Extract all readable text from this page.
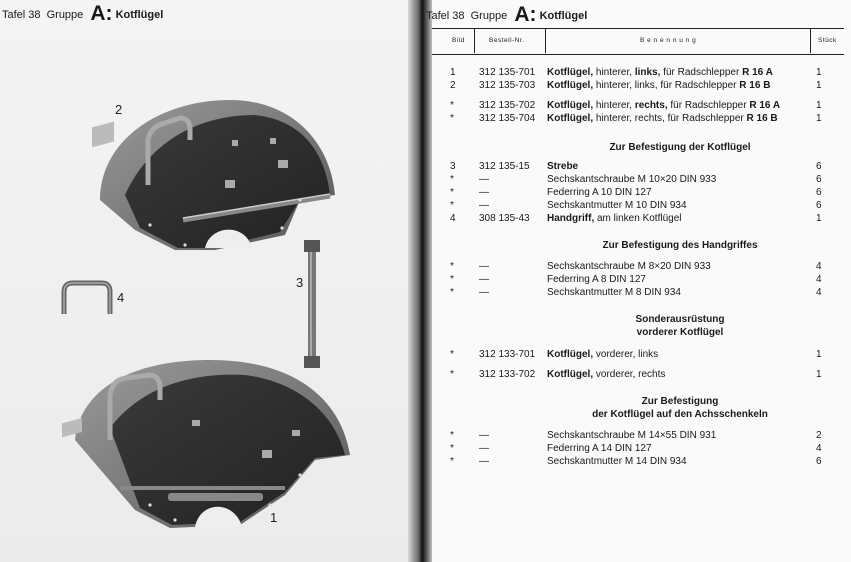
Tafel 38 Gruppe A: Kotflügel
2
3
4
1
Tafel 38 Gruppe A: Kotflügel
Bild	Bestell-Nr.	B e n e n n u n g	Stück
1 312 135-701 Kotflügel, hinterer, links, für Radschlepper R 16 A	1
2 312 135-703 Kotflügel, hinterer, links, für Radschlepper R 16 B	1
*	312 135-702 Kotflügel, hinterer, rechts, für Radschlepper R 16 A	1
*	312 135-704 Kotflügel, hinterer, rechts, für Radschlepper R 16 B	1
3 312 135-15 Strebe	6
*	—	Sechskantschraube M 10×20 DIN 933	6
*	—	Federring A 10 DIN 127	6
*	—	Sechskantmutter M 10 DIN 934	6
4 308 135-43 Handgriff, am linken Kotflügel	1
*	—	Sechskantschraube M 8×20 DIN 933	4
*	—	Federring A 8 DIN 127	4
*	—	Sechskantmutter M 8 DIN 934	4
*	312 133-701 Kotflügel, vorderer, links	1
*	312 133-702 Kotflügel, vorderer, rechts	1
*	—	Sechskantschraube M 14×55 DIN 931	2
*	—	Federring A 14 DIN 127	4
*	—	Sechskantmutter M 14 DIN 934	6
Zur Befestigung der Kotflügel
Zur Befestigung des Handgriffes
Sonderausrüstung
vorderer Kotflügel
Zur Befestigung
der Kotflügel auf den Achsschenkeln
